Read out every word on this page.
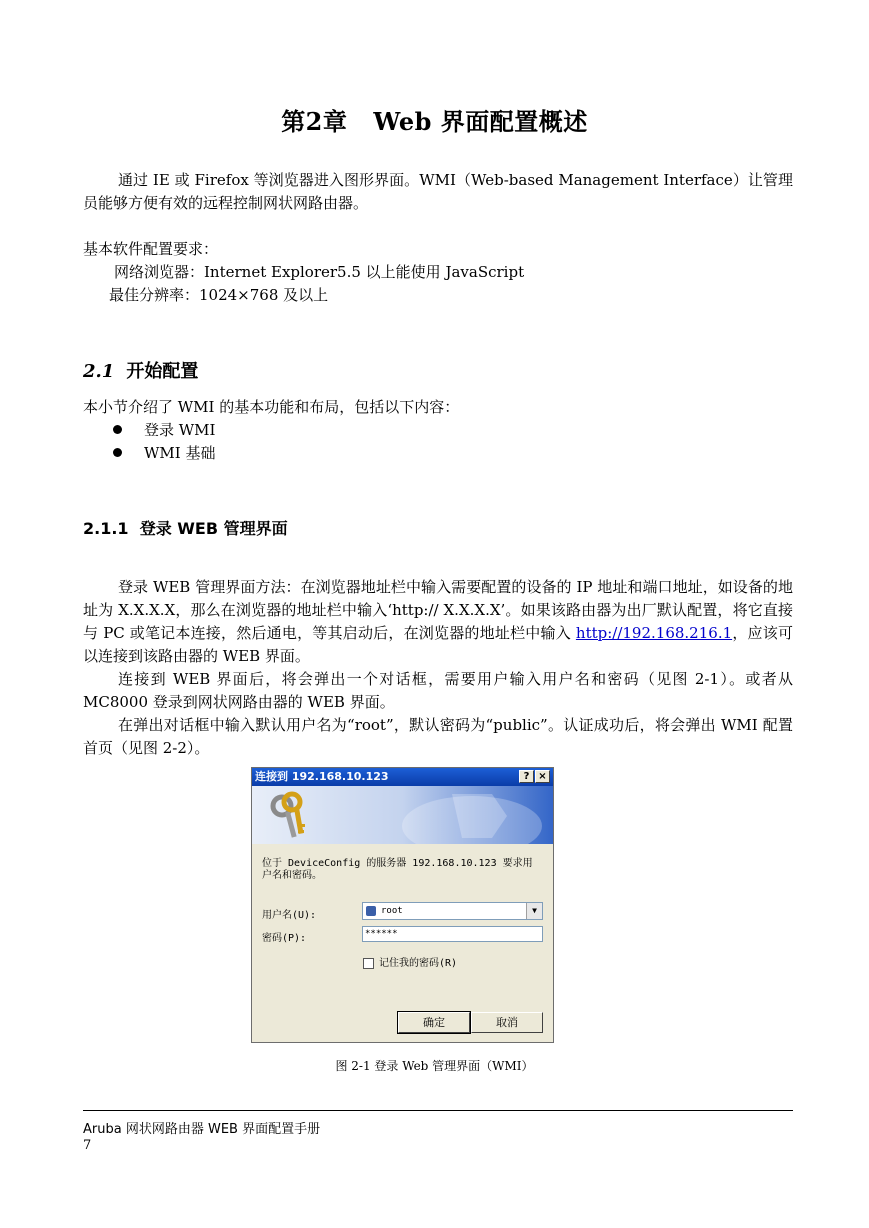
第2章 Web 界面配置概述
通过 IE 或 Firefox 等浏览器进入图形界面。WMI（Web-based Management Interface）让管理员能够方便有效的远程控制网状网路由器。
基本软件配置要求：
网络浏览器：Internet Explorer5.5 以上能使用 JavaScript
最佳分辨率：1024×768 及以上
2.1 开始配置
本小节介绍了 WMI 的基本功能和布局，包括以下内容：
登录 WMI
WMI 基础
2.1.1 登录 WEB 管理界面
登录 WEB 管理界面方法：在浏览器地址栏中输入需要配置的设备的 IP 地址和端口地址，如设备的地址为 X.X.X.X，那么在浏览器的地址栏中输入‘http:// X.X.X.X’。如果该路由器为出厂默认配置，将它直接与 PC 或笔记本连接，然后通电，等其启动后，在浏览器的地址栏中输入 http://192.168.216.1，应该可以连接到该路由器的 WEB 界面。
连接到 WEB 界面后，将会弹出一个对话框，需要用户输入用户名和密码（见图 2-1）。或者从 MC8000 登录到网状网路由器的 WEB 界面。
在弹出对话框中输入默认用户名为“root”，默认密码为“public”。认证成功后，将会弹出 WMI 配置首页（见图 2-2）。
连接到 192.168.10.123	? ×
位于 DeviceConfig 的服务器 192.168.10.123 要求用户名和密码。
用户名(U):	root	▼
密码(P):	******
记住我的密码(R)
确定	取消
图 2-1 登录 Web 管理界面（WMI）
Aruba 网状网路由器 WEB 界面配置手册
7
